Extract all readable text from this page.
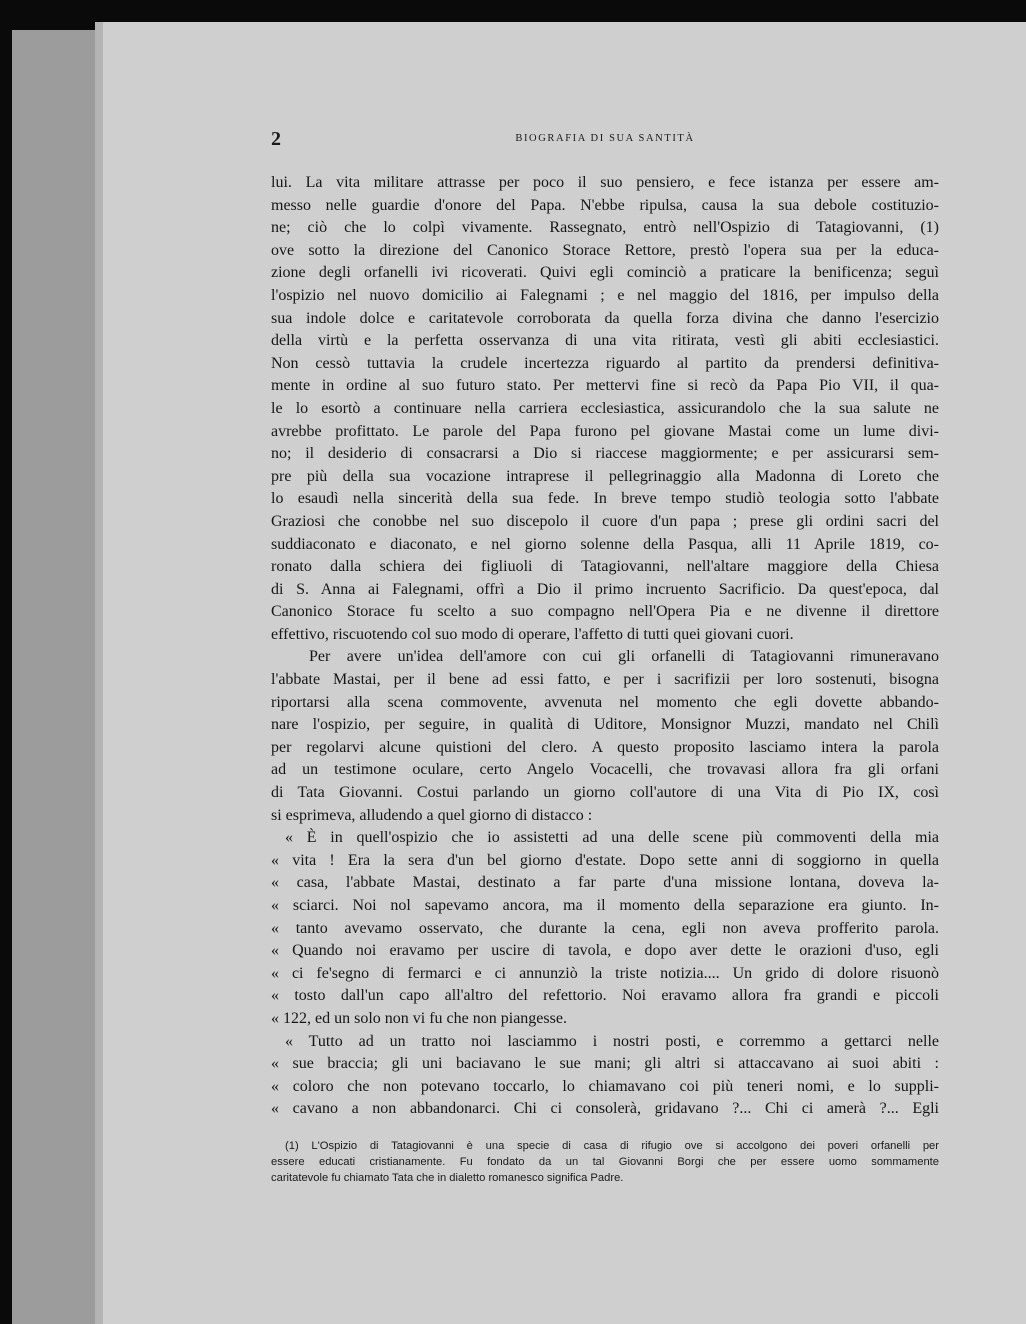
2	BIOGRAFIA DI SUA SANTITÀ
lui. La vita militare attrasse per poco il suo pensiero, e fece istanza per essere am-
messo nelle guardie d'onore del Papa. N'ebbe ripulsa, causa la sua debole costituzio-
ne; ciò che lo colpì vivamente. Rassegnato, entrò nell'Ospizio di Tatagiovanni, (1)
ove sotto la direzione del Canonico Storace Rettore, prestò l'opera sua per la educa-
zione degli orfanelli ivi ricoverati. Quivi egli cominciò a praticare la benificenza; seguì
l'ospizio nel nuovo domicilio ai Falegnami ; e nel maggio del 1816, per impulso della
sua indole dolce e caritatevole corroborata da quella forza divina che danno l'esercizio
della virtù e la perfetta osservanza di una vita ritirata, vestì gli abiti ecclesiastici.
Non cessò tuttavia la crudele incertezza riguardo al partito da prendersi definitiva-
mente in ordine al suo futuro stato. Per mettervi fine si recò da Papa Pio VII, il qua-
le lo esortò a continuare nella carriera ecclesiastica, assicurandolo che la sua salute ne
avrebbe profittato. Le parole del Papa furono pel giovane Mastai come un lume divi-
no; il desiderio di consacrarsi a Dio si riaccese maggiormente; e per assicurarsi sem-
pre più della sua vocazione intraprese il pellegrinaggio alla Madonna di Loreto che
lo esaudì nella sincerità della sua fede. In breve tempo studiò teologia sotto l'abbate
Graziosi che conobbe nel suo discepolo il cuore d'un papa ; prese gli ordini sacri del
suddiaconato e diaconato, e nel giorno solenne della Pasqua, alli 11 Aprile 1819, co-
ronato dalla schiera dei figliuoli di Tatagiovanni, nell'altare maggiore della Chiesa
di S. Anna ai Falegnami, offrì a Dio il primo incruento Sacrificio. Da quest'epoca, dal
Canonico Storace fu scelto a suo compagno nell'Opera Pia e ne divenne il direttore
effettivo, riscuotendo col suo modo di operare, l'affetto di tutti quei giovani cuori.
Per avere un'idea dell'amore con cui gli orfanelli di Tatagiovanni rimuneravano
l'abbate Mastai, per il bene ad essi fatto, e per i sacrifizii per loro sostenuti, bisogna
riportarsi alla scena commovente, avvenuta nel momento che egli dovette abbando-
nare l'ospizio, per seguire, in qualità di Uditore, Monsignor Muzzi, mandato nel Chilì
per regolarvi alcune quistioni del clero. A questo proposito lasciamo intera la parola
ad un testimone oculare, certo Angelo Vocacelli, che trovavasi allora fra gli orfani
di Tata Giovanni. Costui parlando un giorno coll'autore di una Vita di Pio IX, così
si esprimeva, alludendo a quel giorno di distacco :
« È in quell'ospizio che io assistetti ad una delle scene più commoventi della mia
« vita ! Era la sera d'un bel giorno d'estate. Dopo sette anni di soggiorno in quella
« casa, l'abbate Mastai, destinato a far parte d'una missione lontana, doveva la-
« sciarci. Noi nol sapevamo ancora, ma il momento della separazione era giunto. In-
« tanto avevamo osservato, che durante la cena, egli non aveva profferito parola.
« Quando noi eravamo per uscire di tavola, e dopo aver dette le orazioni d'uso, egli
« ci fe'segno di fermarci e ci annunziò la triste notizia.... Un grido di dolore risuonò
« tosto dall'un capo all'altro del refettorio. Noi eravamo allora fra grandi e piccoli
« 122, ed un solo non vi fu che non piangesse.
« Tutto ad un tratto noi lasciammo i nostri posti, e corremmo a gettarci nelle
« sue braccia; gli uni baciavano le sue mani; gli altri si attaccavano ai suoi abiti :
« coloro che non potevano toccarlo, lo chiamavano coi più teneri nomi, e lo suppli-
« cavano a non abbandonarci. Chi ci consolerà, gridavano ?... Chi ci amerà ?... Egli
(1) L'Ospizio di Tatagiovanni è una specie di casa di rifugio ove si accolgono dei poveri orfanelli per
essere educati cristianamente. Fu fondato da un tal Giovanni Borgi che per essere uomo sommamente
caritatevole fu chiamato Tata che in dialetto romanesco significa Padre.
